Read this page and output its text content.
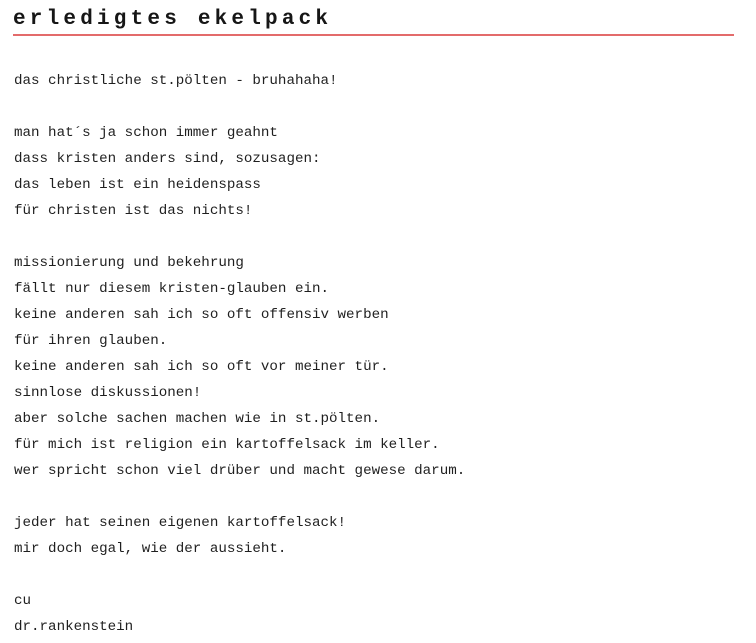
erledigtes ekelpack
das christliche st.pölten - bruhahaha!
man hat´s ja schon immer geahnt
dass kristen anders sind, sozusagen:
das leben ist ein heidenspass
für christen ist das nichts!
missionierung und bekehrung
fällt nur diesem kristen-glauben ein.
keine anderen sah ich so oft offensiv werben
für ihren glauben.
keine anderen sah ich so oft vor meiner tür.
sinnlose diskussionen!
aber solche sachen machen wie in st.pölten.
für mich ist religion ein kartoffelsack im keller.
wer spricht schon viel drüber und macht gewese darum.
jeder hat seinen eigenen kartoffelsack!
mir doch egal, wie der aussieht.
cu
dr.rankenstein
